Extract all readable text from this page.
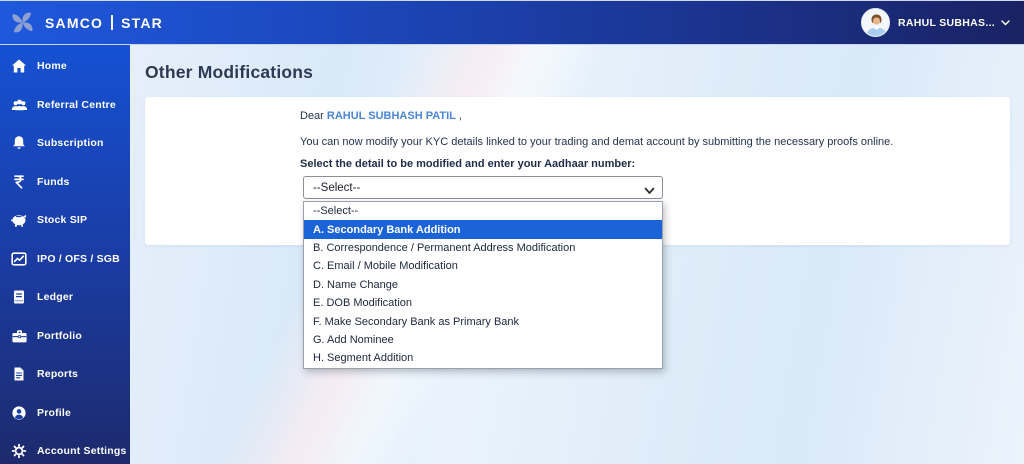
SAMCO STAR	RAHUL SUBHAS...
Home
Referral Centre
Subscription
Funds
Stock SIP
IPO / OFS / SGB
Ledger
Portfolio
Reports
Profile
Account Settings
Other Modifications
Dear RAHUL SUBHASH PATIL ,
You can now modify your KYC details linked to your trading and demat account by submitting the necessary proofs online.
Select the detail to be modified and enter your Aadhaar number:
--Select--
--Select--
A. Secondary Bank Addition
B. Correspondence / Permanent Address Modification
C. Email / Mobile Modification
D. Name Change
E. DOB Modification
F. Make Secondary Bank as Primary Bank
G. Add Nominee
H. Segment Addition
